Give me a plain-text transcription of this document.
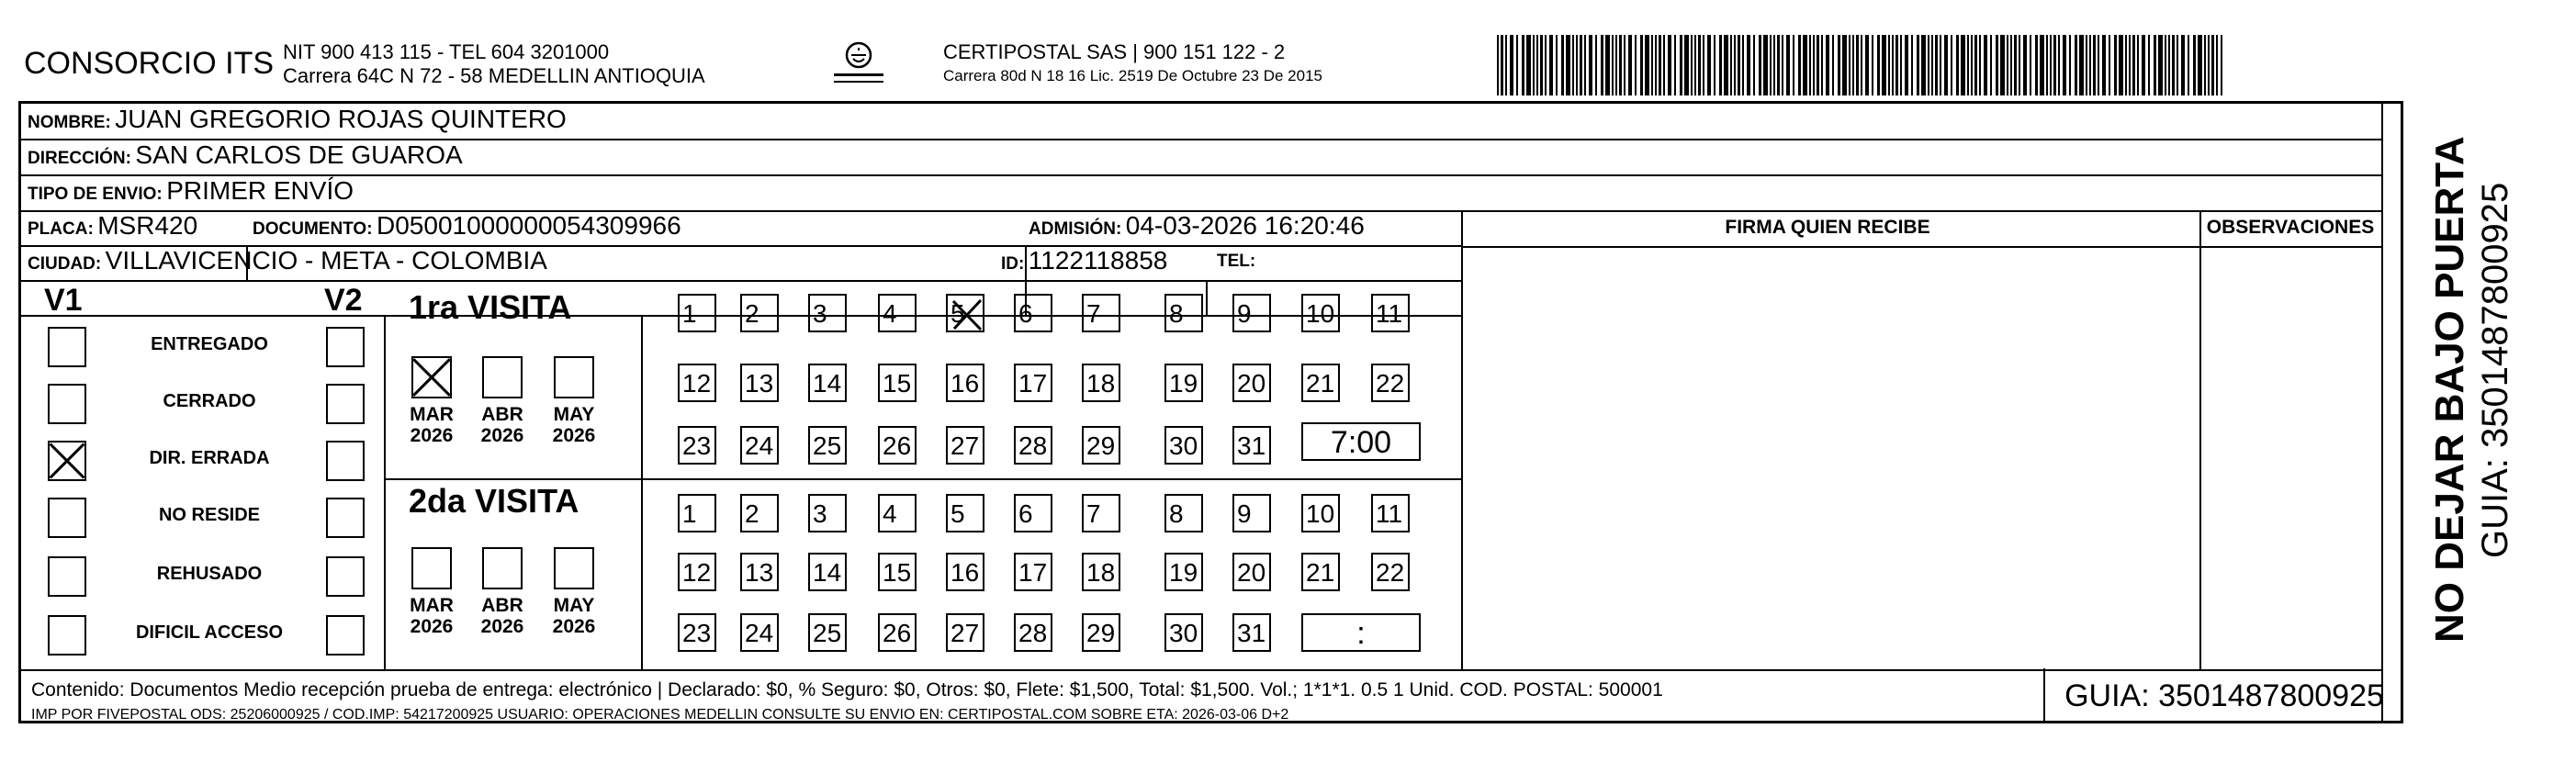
CONSORCIO ITS NIT 900 413 115 - TEL 604 3201000
Carrera 64C N 72 - 58 MEDELLIN ANTIOQUIA
CERTIPOSTAL SAS | 900 151 122 - 2
Carrera 80d N 18 16 Lic. 2519 De Octubre 23 De 2015
NOMBRE: JUAN GREGORIO ROJAS QUINTERO
DIRECCIÓN: SAN CARLOS DE GUAROA
TIPO DE ENVIO: PRIMER ENVÍO
PLACA: MSR420	DOCUMENTO: D05001000000054309966	ADMISIÓN: 04-03-2026 16:20:46
CIUDAD: VILLAVICENCIO - META - COLOMBIA	ID: 1122118858	TEL:
FIRMA QUIEN RECIBE	OBSERVACIONES
V1	V2
ENTREGADO
CERRADO
DIR. ERRADA
NO RESIDE
REHUSADO
DIFICIL ACCESO
1ra VISITA
MAR
2026
ABR
2026
MAY
2026
1	2	3	4	5	6	7	8	9	10 11
12 13 14 15 16 17 18 19 20 21 22
23 24 25 26 27 28 29 30 31	7:00
2da VISITA
MAR
2026
ABR
2026
MAY
2026
1	2	3	4	5	6	7	8	9	10 11
12 13 14 15 16 17 18 19 20 21 22
23 24 25 26 27 28 29 30 31	:
Contenido: Documentos Medio recepción prueba de entrega: electrónico | Declarado: $0, % Seguro: $0, Otros: $0, Flete: $1,500, Total: $1,500. Vol.; 1*1*1. 0.5 1 Unid. COD. POSTAL: 500001
IMP POR FIVEPOSTAL ODS: 25206000925 / COD.IMP: 54217200925 USUARIO: OPERACIONES MEDELLIN CONSULTE SU ENVIO EN: CERTIPOSTAL.COM SOBRE ETA: 2026-03-06 D+2
GUIA: 3501487800925
NO DEJAR BAJO PUERTA GUIA: 3501487800925
